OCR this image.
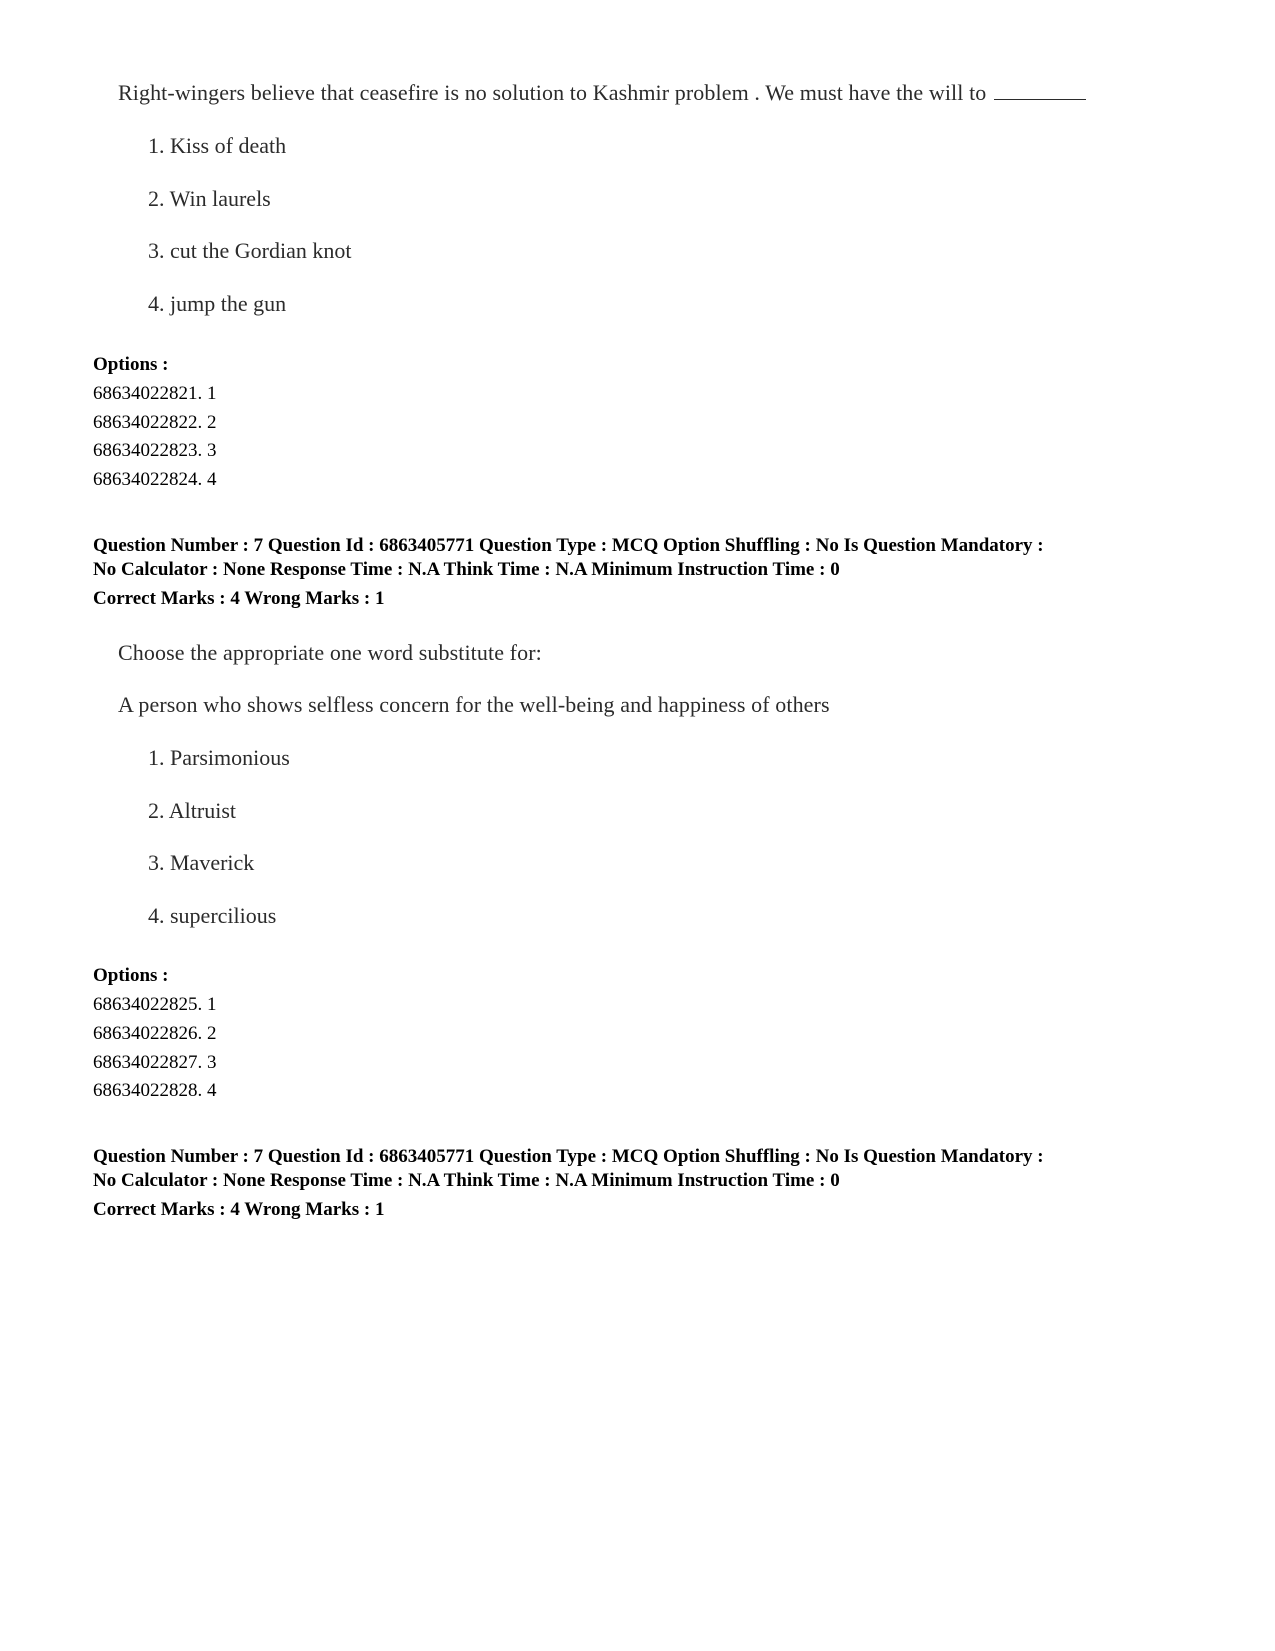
Right-wingers believe that ceasefire is no solution to Kashmir problem . We must have the will to
1. Kiss of death
2. Win laurels
3. cut the Gordian knot
4. jump the gun
Options :
68634022821. 1
68634022822. 2
68634022823. 3
68634022824. 4
Question Number : 7 Question Id : 6863405771 Question Type : MCQ Option Shuffling : No Is Question Mandatory :
No Calculator : None Response Time : N.A Think Time : N.A Minimum Instruction Time : 0
Correct Marks : 4 Wrong Marks : 1
Choose the appropriate one word substitute for:
A person who shows selfless concern for the well-being and happiness of others
1. Parsimonious
2. Altruist
3. Maverick
4. supercilious
Options :
68634022825. 1
68634022826. 2
68634022827. 3
68634022828. 4
Question Number : 7 Question Id : 6863405771 Question Type : MCQ Option Shuffling : No Is Question Mandatory :
No Calculator : None Response Time : N.A Think Time : N.A Minimum Instruction Time : 0
Correct Marks : 4 Wrong Marks : 1
